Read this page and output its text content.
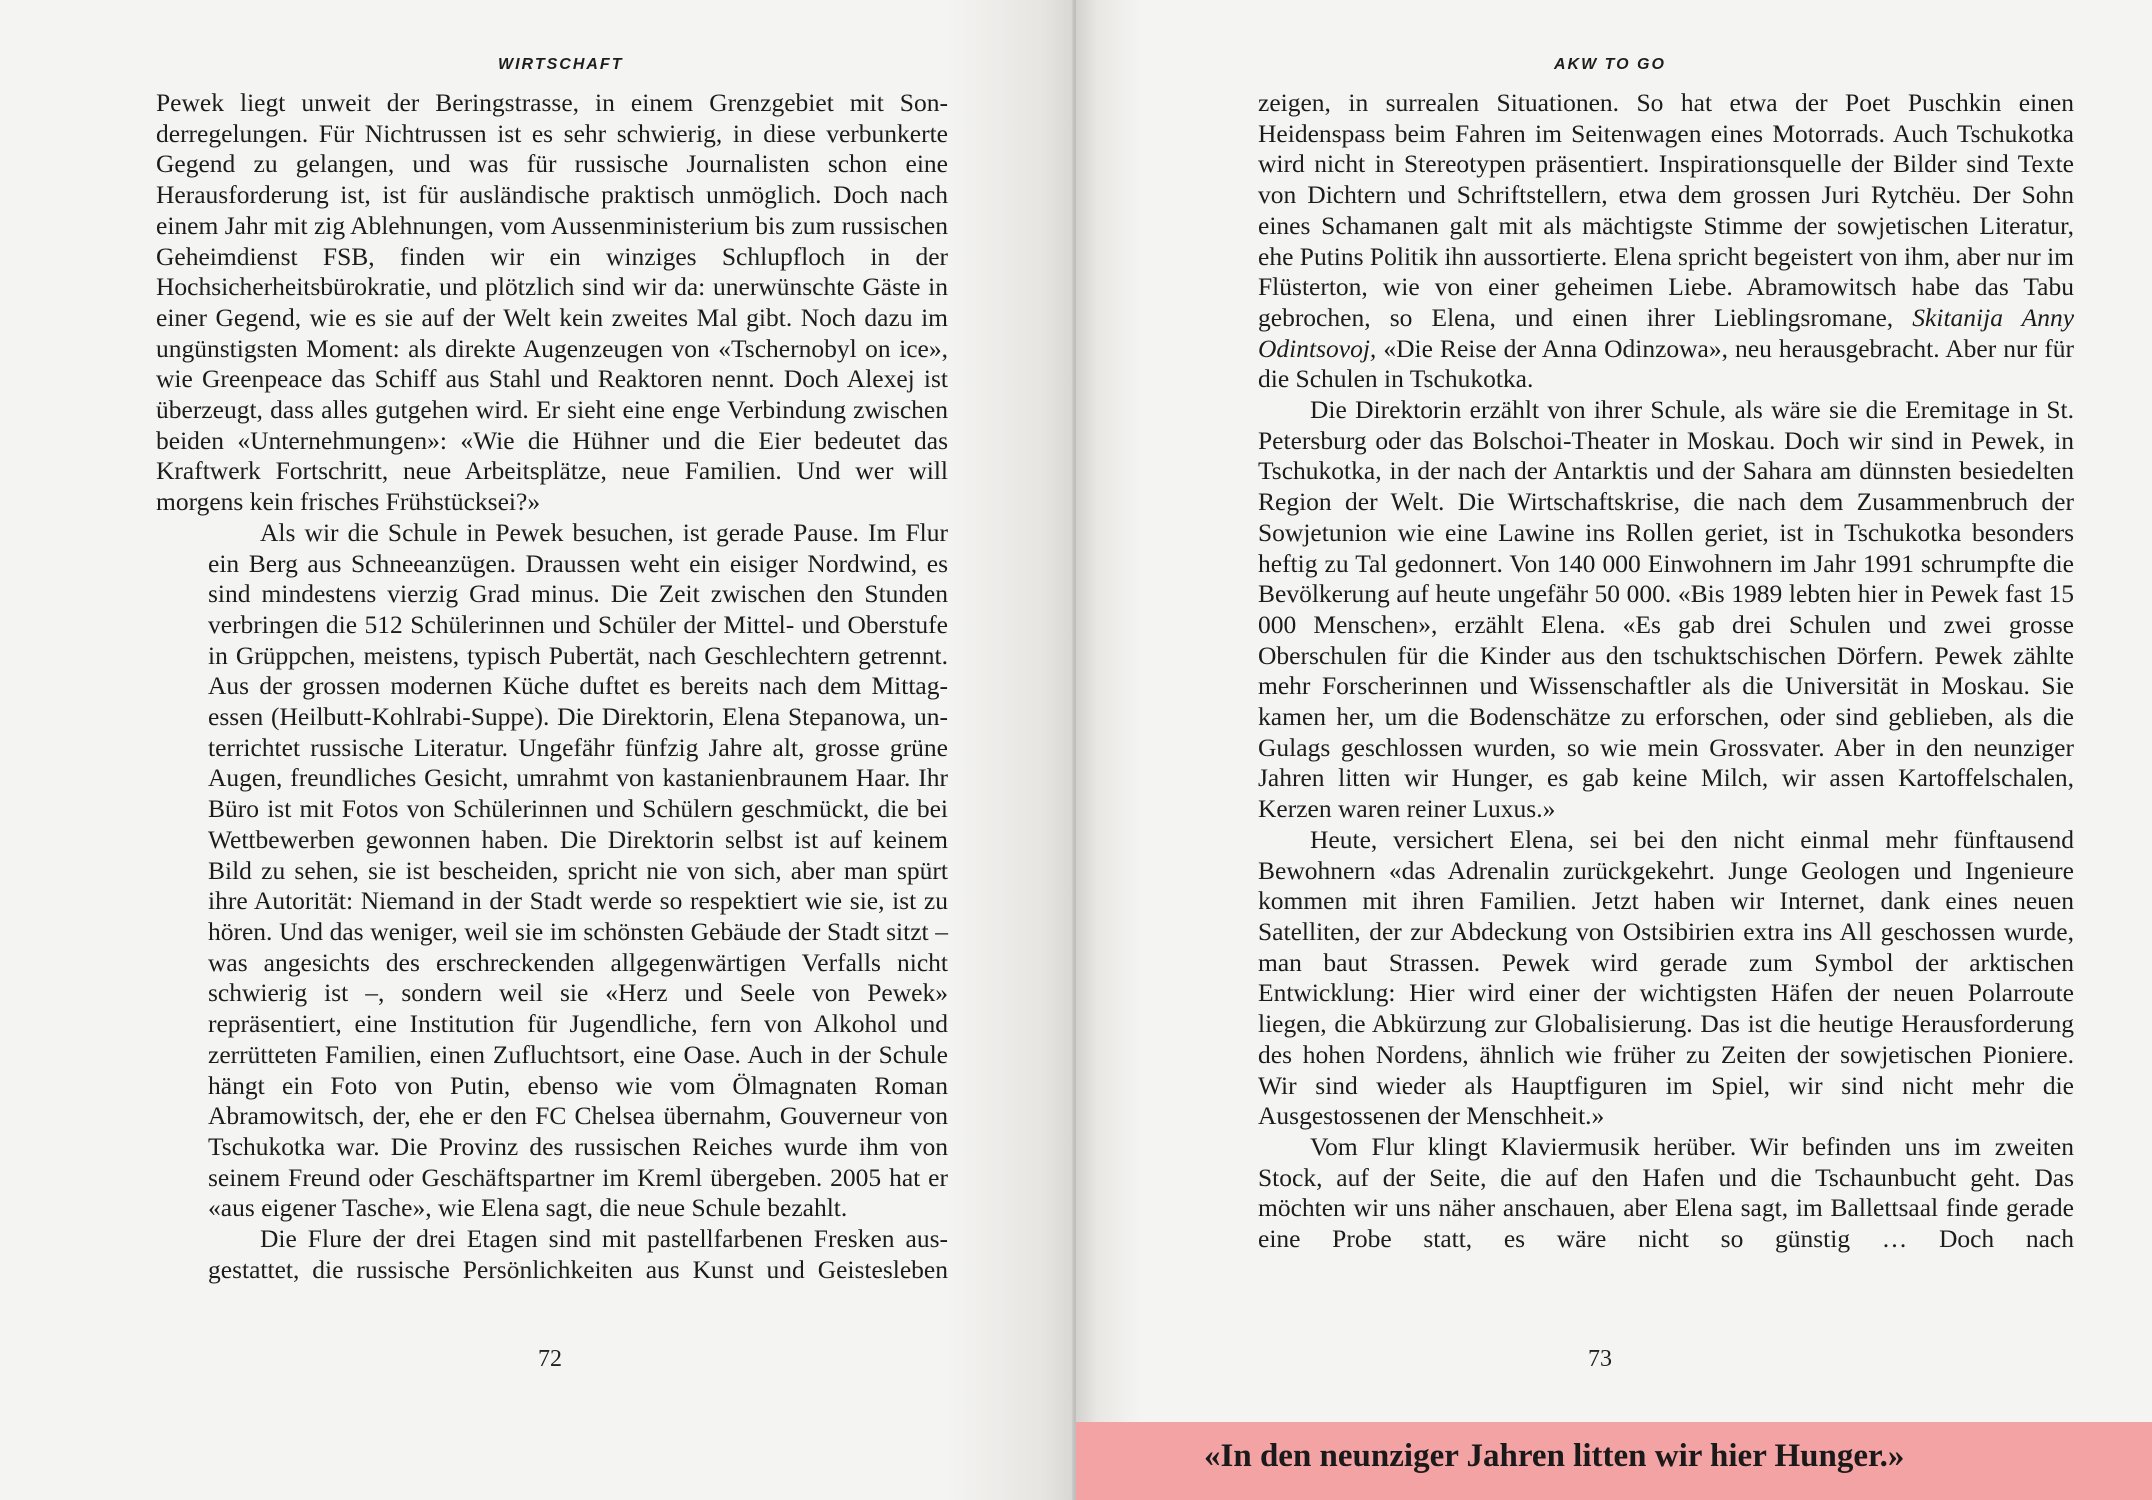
WIRTSCHAFT

Pewek liegt unweit der Beringstrasse, in einem Grenzgebiet mit Sonderregelungen. Für Nichtrussen ist es sehr schwierig, in diese verbunkerte Gegend zu gelangen, und was für russische Journalisten schon eine Herausforderung ist, ist für ausländische praktisch unmöglich. Doch nach einem Jahr mit zig Ablehnungen, vom Aussenministerium bis zum russischen Geheimdienst FSB, finden wir ein winziges Schlupfloch in der Hochsicherheitsbürokratie, und plötzlich sind wir da: unerwünschte Gäste in einer Gegend, wie es sie auf der Welt kein zweites Mal gibt. Noch dazu im ungünstigsten Moment: als direkte Augenzeugen von «Tschernobyl on ice», wie Greenpeace das Schiff aus Stahl und Reaktoren nennt. Doch Alexej ist überzeugt, dass alles gutgehen wird. Er sieht eine enge Verbindung zwischen beiden «Unternehmungen»: «Wie die Hühner und die Eier bedeutet das Kraftwerk Fortschritt, neue Arbeitsplätze, neue Familien. Und wer will morgens kein frisches Frühstücksei?»

Als wir die Schule in Pewek besuchen, ist gerade Pause. Im Flur ein Berg aus Schneeanzügen. Draussen weht ein eisiger Nordwind, es sind mindestens vierzig Grad minus. Die Zeit zwischen den Stunden verbringen die 512 Schülerinnen und Schüler der Mittel- und Oberstufe in Grüppchen, meistens, typisch Pubertät, nach Geschlechtern getrennt. Aus der grossen modernen Küche duftet es bereits nach dem Mittagessen (Heilbutt-Kohlrabi-Suppe). Die Direktorin, Elena Stepanowa, unterrichtet russische Literatur. Ungefähr fünfzig Jahre alt, grosse grüne Augen, freundliches Gesicht, umrahmt von kastanienbraunem Haar. Ihr Büro ist mit Fotos von Schülerinnen und Schülern geschmückt, die bei Wettbewerben gewonnen haben. Die Direktorin selbst ist auf keinem Bild zu sehen, sie ist bescheiden, spricht nie von sich, aber man spürt ihre Autorität: Niemand in der Stadt werde so respektiert wie sie, ist zu hören. Und das weniger, weil sie im schönsten Gebäude der Stadt sitzt – was angesichts des erschreckenden allgegenwärtigen Verfalls nicht schwierig ist –, sondern weil sie «Herz und Seele von Pewek» repräsentiert, eine Institution für Jugendliche, fern von Alkohol und zerrütteten Familien, einen Zufluchtsort, eine Oase. Auch in der Schule hängt ein Foto von Putin, ebenso wie vom Ölmagnaten Roman Abramowitsch, der, ehe er den FC Chelsea übernahm, Gouverneur von Tschukotka war. Die Provinz des russischen Reiches wurde ihm von seinem Freund oder Geschäftspartner im Kreml übergeben. 2005 hat er «aus eigener Tasche», wie Elena sagt, die neue Schule bezahlt.

Die Flure der drei Etagen sind mit pastellfarbenen Fresken ausgestattet, die russische Persönlichkeiten aus Kunst und Geistesleben

72
AKW TO GO

zeigen, in surrealen Situationen. So hat etwa der Poet Puschkin einen Heidenspass beim Fahren im Seitenwagen eines Motorrads. Auch Tschukotka wird nicht in Stereotypen präsentiert. Inspirationsquelle der Bilder sind Texte von Dichtern und Schriftstellern, etwa dem grossen Juri Rytchëu. Der Sohn eines Schamanen galt mit als mächtigste Stimme der sowjetischen Literatur, ehe Putins Politik ihn aussortierte. Elena spricht begeistert von ihm, aber nur im Flüsterton, wie von einer geheimen Liebe. Abramowitsch habe das Tabu gebrochen, so Elena, und einen ihrer Lieblingsromane, Skitanija Anny Odintsovoj, «Die Reise der Anna Odinzowa», neu herausgebracht. Aber nur für die Schulen in Tschukotka.

Die Direktorin erzählt von ihrer Schule, als wäre sie die Eremitage in St. Petersburg oder das Bolschoi-Theater in Moskau. Doch wir sind in Pewek, in Tschukotka, in der nach der Antarktis und der Sahara am dünnsten besiedelten Region der Welt. Die Wirtschaftskrise, die nach dem Zusammenbruch der Sowjetunion wie eine Lawine ins Rollen geriet, ist in Tschukotka besonders heftig zu Tal gedonnert. Von 140 000 Einwohnern im Jahr 1991 schrumpfte die Bevölkerung auf heute ungefähr 50 000. «Bis 1989 lebten hier in Pewek fast 15 000 Menschen», erzählt Elena. «Es gab drei Schulen und zwei grosse Oberschulen für die Kinder aus den tschuktschischen Dörfern. Pewek zählte mehr Forscherinnen und Wissenschaftler als die Universität in Moskau. Sie kamen her, um die Bodenschätze zu erforschen, oder sind geblieben, als die Gulags geschlossen wurden, so wie mein Grossvater. Aber in den neunziger Jahren litten wir Hunger, es gab keine Milch, wir assen Kartoffelschalen, Kerzen waren reiner Luxus.»

Heute, versichert Elena, sei bei den nicht einmal mehr fünftausend Bewohnern «das Adrenalin zurückgekehrt. Junge Geologen und Ingenieure kommen mit ihren Familien. Jetzt haben wir Internet, dank eines neuen Satelliten, der zur Abdeckung von Ostsibirien extra ins All geschossen wurde, man baut Strassen. Pewek wird gerade zum Symbol der arktischen Entwicklung: Hier wird einer der wichtigsten Häfen der neuen Polarroute liegen, die Abkürzung zur Globalisierung. Das ist die heutige Herausforderung des hohen Nordens, ähnlich wie früher zu Zeiten der sowjetischen Pioniere. Wir sind wieder als Hauptfiguren im Spiel, wir sind nicht mehr die Ausgestossenen der Menschheit.»

Vom Flur klingt Klaviermusik herüber. Wir befinden uns im zweiten Stock, auf der Seite, die auf den Hafen und die Tschaunbucht geht. Das möchten wir uns näher anschauen, aber Elena sagt, im Ballettsaal finde gerade eine Probe statt, es wäre nicht so günstig … Doch nach

73
«In den neunziger Jahren litten wir hier Hunger.»
